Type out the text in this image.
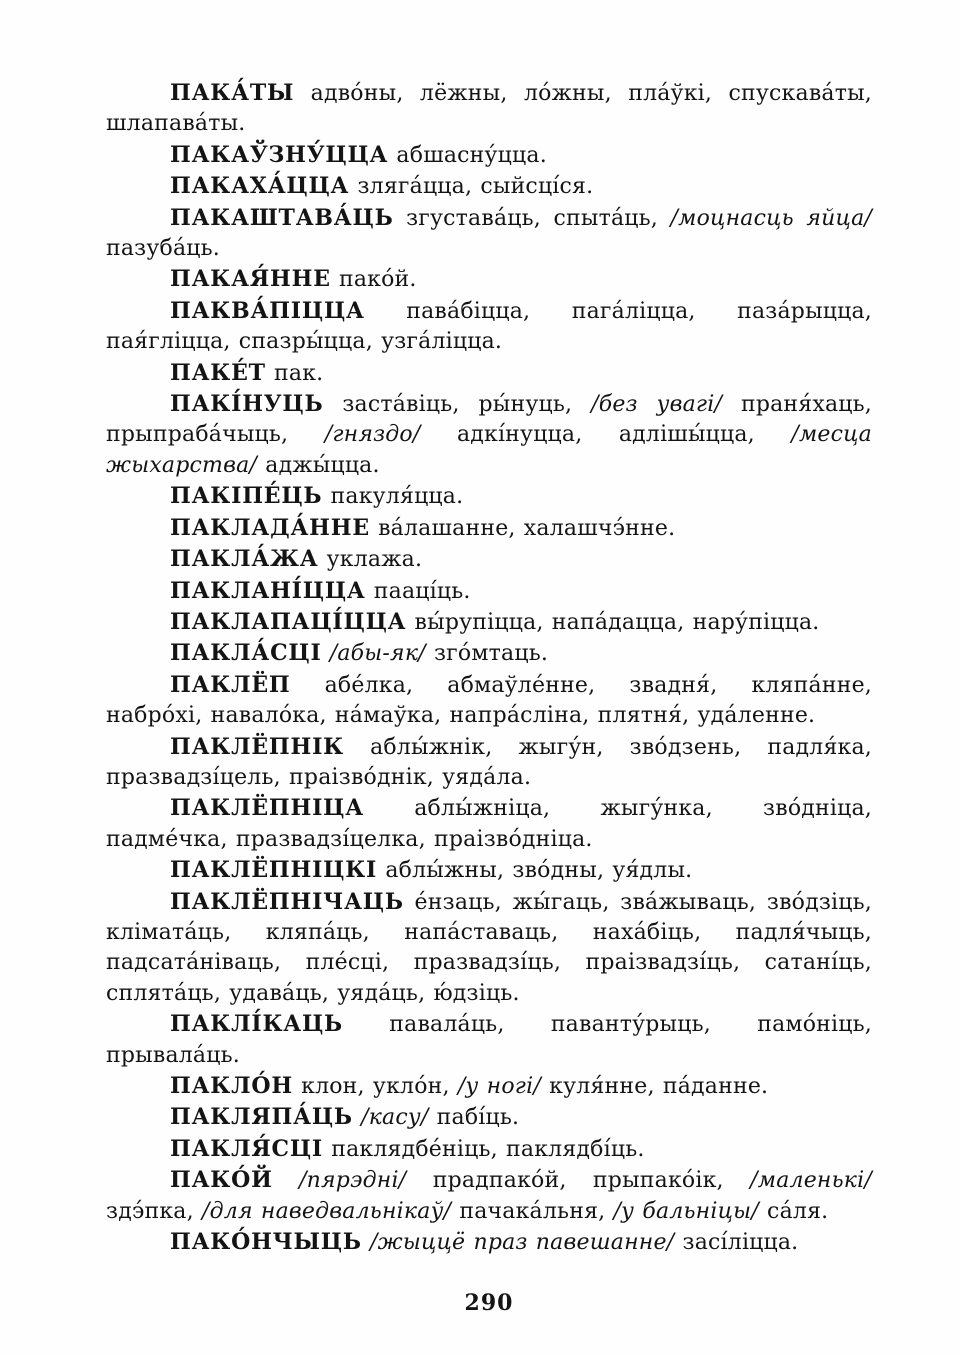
ПАКА́ТЫ адво́ны, лёжны, ло́жны, пла́ўкі, спускава́ты, шлапава́ты.

ПАКАЎЗНУ́ЦЦА абшасну́цца.

ПАКАХА́ЦЦА зляга́цца, сыйсці́ся.

ПАКАШТАВА́ЦЬ згустава́ць, спыта́ць, /моцнасць яйца/ пазуба́ць.

ПАКАЯ́ННЕ пако́й.

ПАКВА́ПІЦЦА пава́біцца, пага́ліцца, паза́рыцца, пая́гліцца, спазры́цца, узга́ліцца.

ПАКЕ́Т пак.

ПАКІ́НУЦЬ заста́віць, ры́нуць, /без увагі/ праня́хаць, прыпраба́чыць, /гняздо/ адкі́нуцца, адлішы́цца, /месца жыхарства/ аджы́цца.

ПАКІПЕ́ЦЬ пакуля́цца.

ПАКЛАДА́ННЕ ва́лашанне, халашчэ́нне.

ПАКЛА́ЖА уклажа.

ПАКЛАНІ́ЦЦА пааці́ць.

ПАКЛАПАЦІ́ЦЦА вы́рупіцца, напа́дацца, нару́піцца.

ПАКЛА́СЦІ /абы-як/ зго́мтаць.

ПАКЛЁП абе́лка, абмаўле́нне, звадня́, кляпа́нне, набро́хі, навало́ка, на́маўка, напра́сліна, плятня́, уда́ленне.

ПАКЛЁПНІК аблы́жнік, жыгу́н, зво́дзень, падля́ка, празвадзі́цель, праізво́днік, уяда́ла.

ПАКЛЁПНІЦА аблы́жніца, жыгу́нка, зво́дніца, падме́чка, празвадзі́целка, праізво́дніца.

ПАКЛЁПНІЦКІ аблы́жны, зво́дны, уя́длы.

ПАКЛЁПНІЧАЦЬ е́нзаць, жы́гаць, зва́жываць, зво́дзіць, клімата́ць, кляпа́ць, напа́ставаць, наха́біць, падля́чыць, падсата́ніваць, пле́сці, празвадзі́ць, праізвадзі́ць, сатані́ць, сплята́ць, удава́ць, уяда́ць, ю́дзіць.

ПАКЛІ́КАЦЬ павала́ць, паванту́рыць, памо́ніць, прывала́ць.

ПАКЛО́Н клон, укло́н, /у ногі/ куля́нне, па́данне.

ПАКЛЯПА́ЦЬ /касу/ пабі́ць.

ПАКЛЯ́СЦІ паклядбе́ніць, паклядбі́ць.

ПАКО́Й /пярэдні/ прадпако́й, прыпако́ік, /маленькі/ здэ́пка, /для наведвальнікаў/ пачака́льня, /у бальніцы/ са́ля.

ПАКО́НЧЫЦЬ /жыццё праз павешанне/ засі́ліцца.

290
